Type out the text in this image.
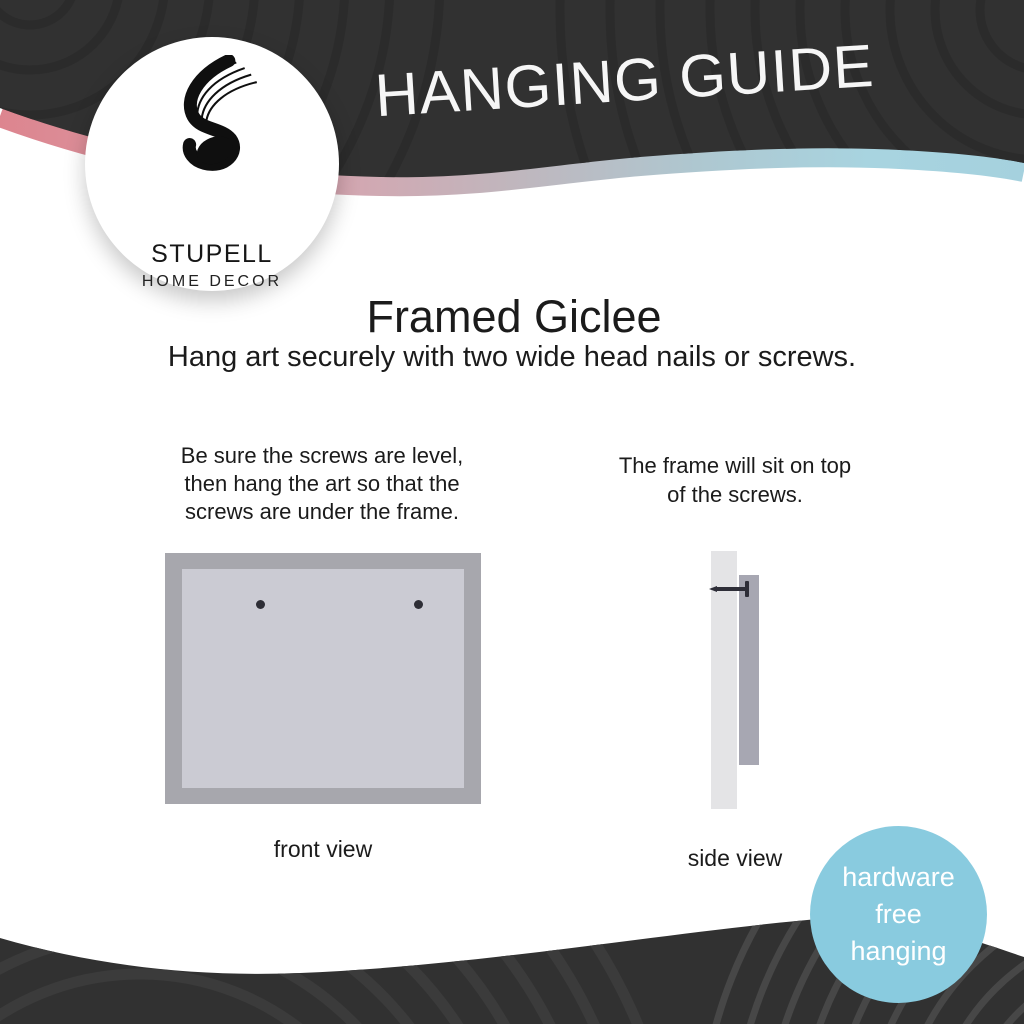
HANGING GUIDE
STUPELL
HOME DECOR
Framed Giclee
Hang art securely with two wide head nails or screws.
Be sure the screws are level,
then hang the art so that the
screws are under the frame.
The frame will sit on top
of the screws.
front view	side view
hardware
free
hanging
